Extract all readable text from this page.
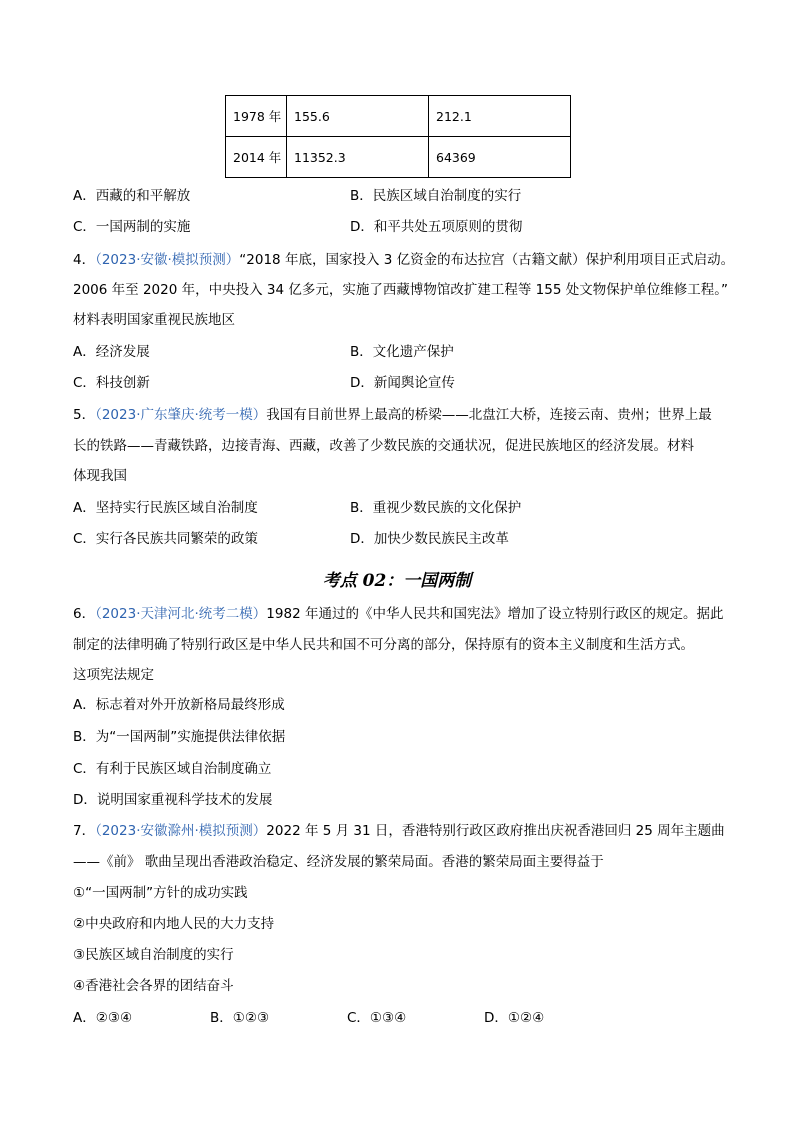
1978 年	155.6	212.1
2014 年	11352.3	64369
A．西藏的和平解放	B．民族区域自治制度的实行
C．一国两制的实施	D．和平共处五项原则的贯彻
4．（2023·安徽·模拟预测）“2018 年底，国家投入 3 亿资金的布达拉宫（古籍文献）保护利用项目正式启动。
2006 年至 2020 年，中央投入 34 亿多元，实施了西藏博物馆改扩建工程等 155 处文物保护单位维修工程。”
材料表明国家重视民族地区
A．经济发展	B．文化遗产保护
C．科技创新	D．新闻舆论宣传
5．（2023·广东肇庆·统考一模）我国有目前世界上最高的桥梁——北盘江大桥，连接云南、贵州；世界上最
长的铁路——青藏铁路，边接青海、西藏，改善了少数民族的交通状况，促进民族地区的经济发展。材料
体现我国
A．坚持实行民族区域自治制度	B．重视少数民族的文化保护
C．实行各民族共同繁荣的政策	D．加快少数民族民主改革
考点 02：一国两制
6．（2023·天津河北·统考二模）1982 年通过的《中华人民共和国宪法》增加了设立特别行政区的规定。据此
制定的法律明确了特别行政区是中华人民共和国不可分离的部分，保持原有的资本主义制度和生活方式。
这项宪法规定
A．标志着对外开放新格局最终形成
B．为“一国两制”实施提供法律依据
C．有利于民族区域自治制度确立
D．说明国家重视科学技术的发展
7．（2023·安徽滁州·模拟预测）2022 年 5 月 31 日，香港特别行政区政府推出庆祝香港回归 25 周年主题曲
——《前》 歌曲呈现出香港政治稳定、经济发展的繁荣局面。香港的繁荣局面主要得益于
①“一国两制”方针的成功实践
②中央政府和内地人民的大力支持
③民族区域自治制度的实行
④香港社会各界的团结奋斗
A．②③④	B．①②③	C．①③④	D．①②④
